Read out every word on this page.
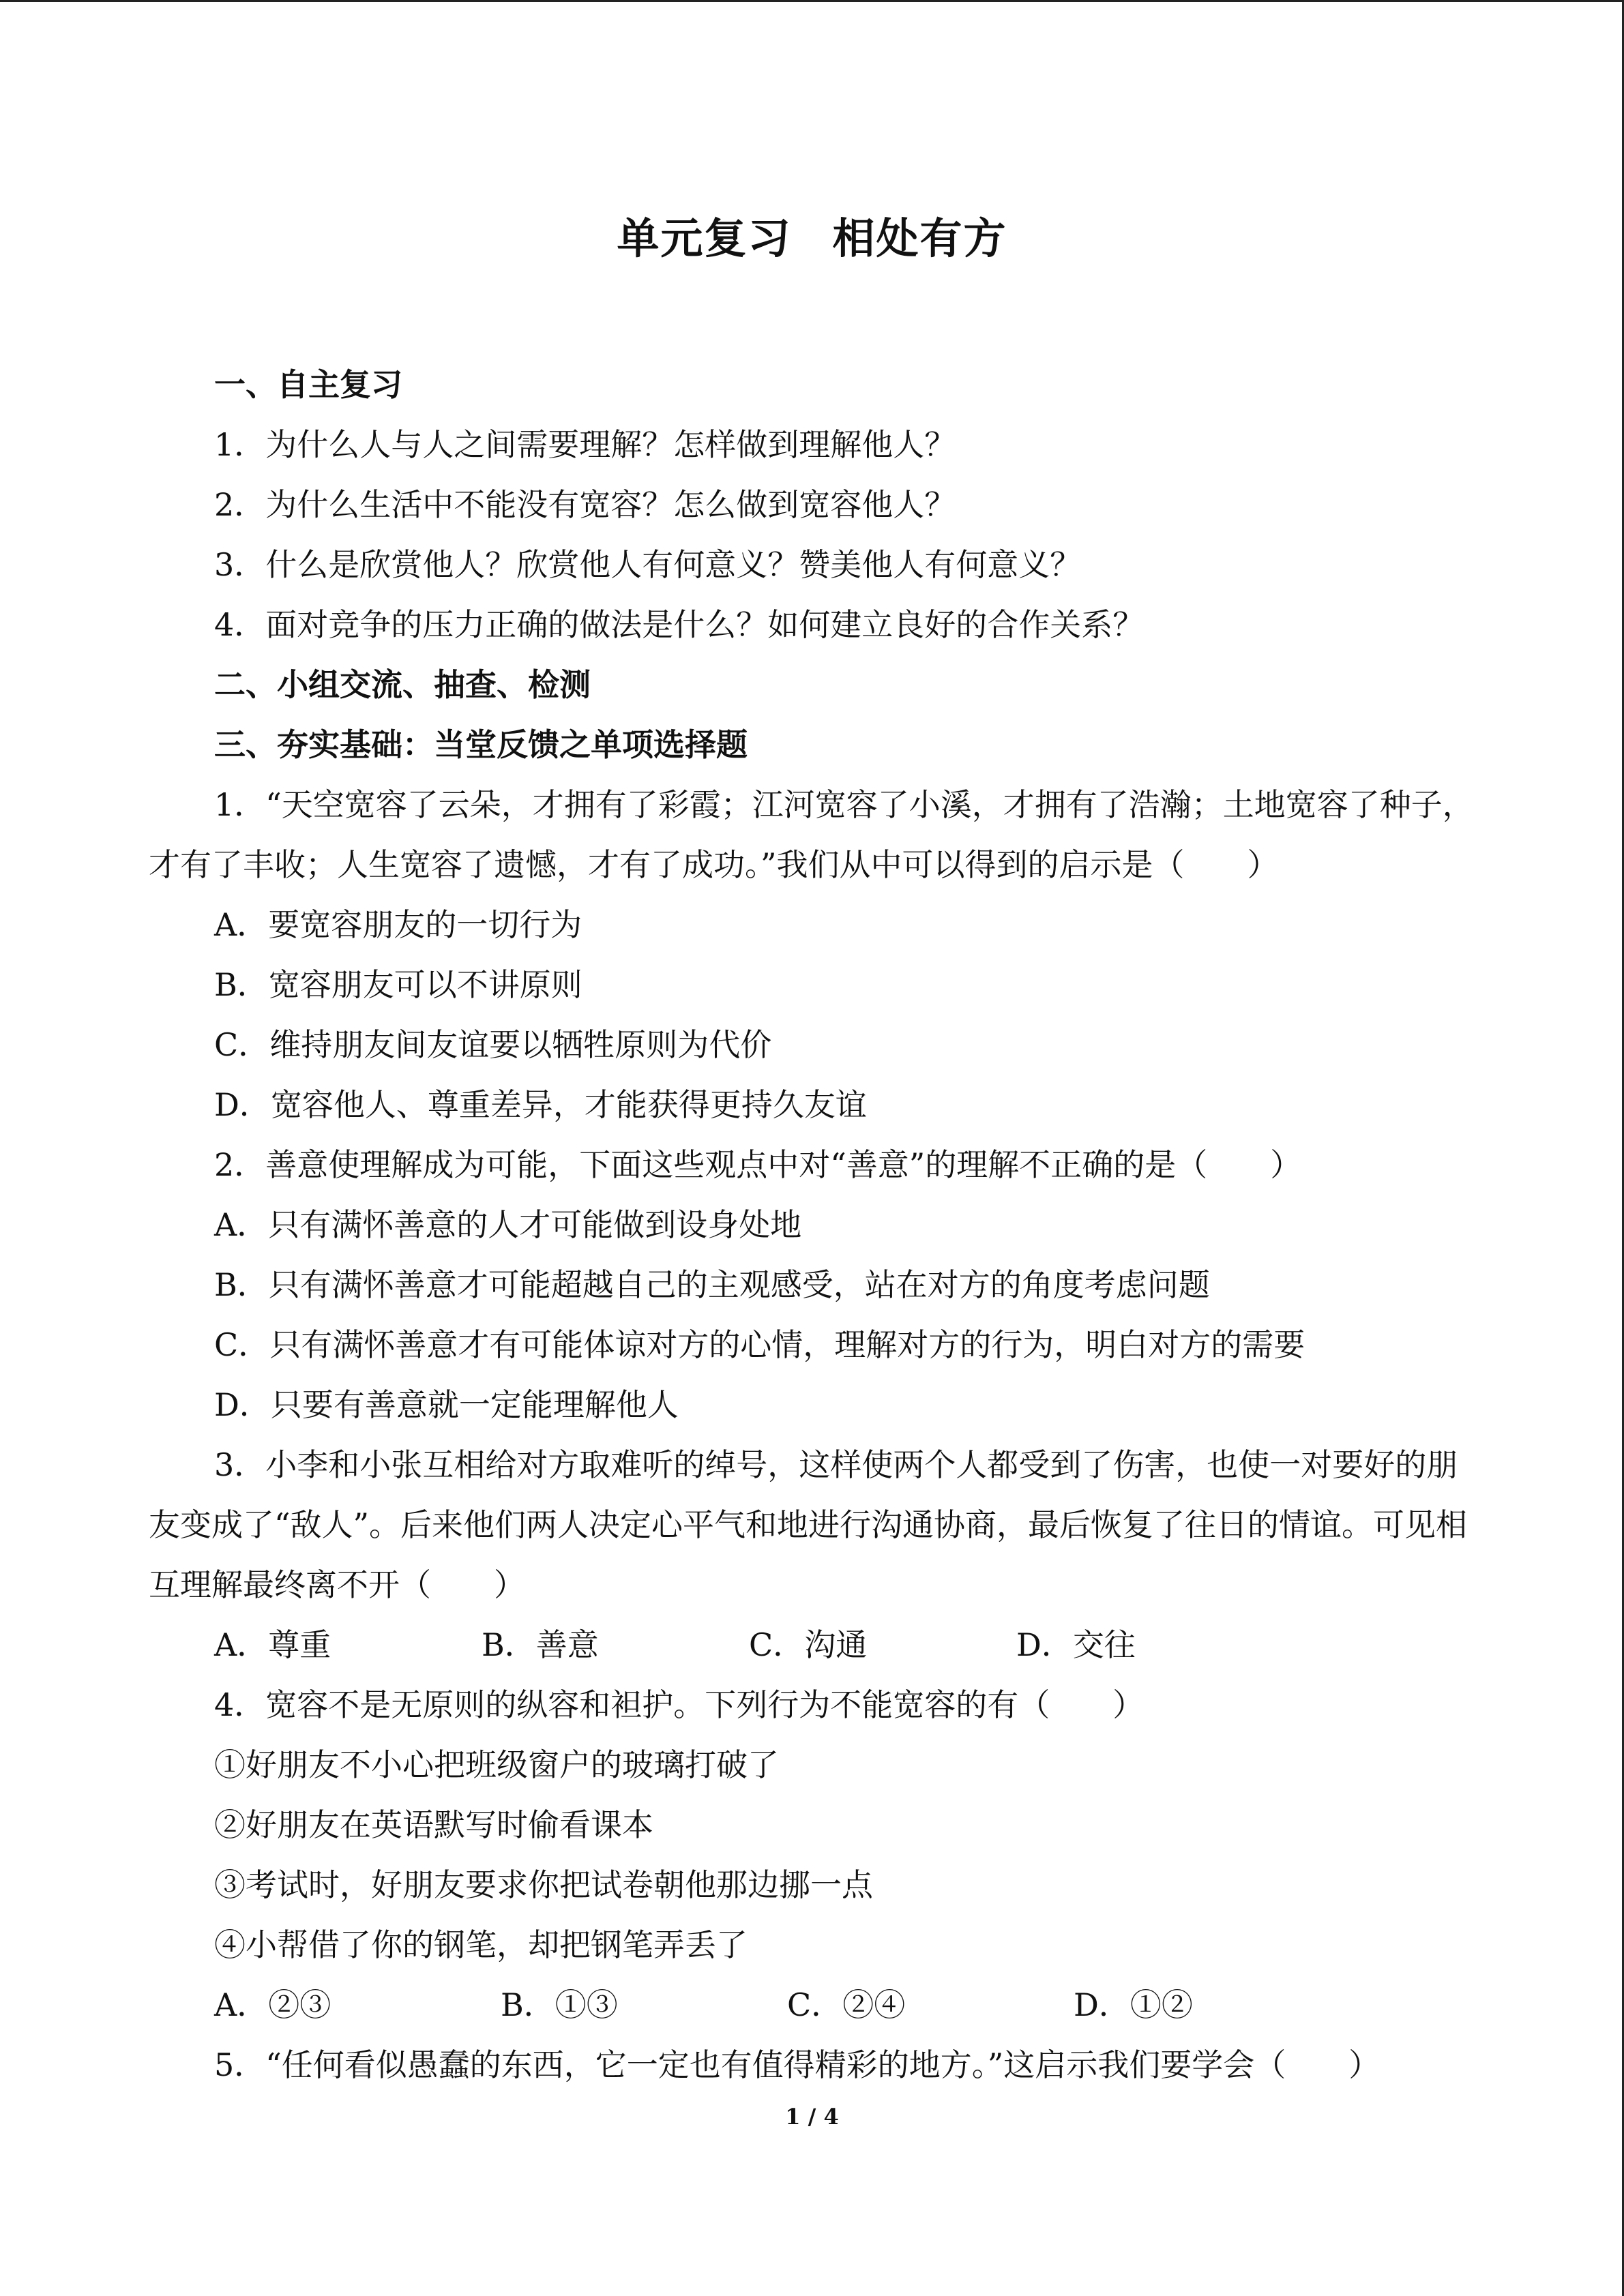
单元复习 相处有方

一、自主复习

1．为什么人与人之间需要理解？怎样做到理解他人？

2．为什么生活中不能没有宽容？怎么做到宽容他人？

3．什么是欣赏他人？欣赏他人有何意义？赞美他人有何意义？

4．面对竞争的压力正确的做法是什么？如何建立良好的合作关系？

二、小组交流、抽查、检测

三、夯实基础：当堂反馈之单项选择题

1．“天空宽容了云朵，才拥有了彩霞；江河宽容了小溪，才拥有了浩瀚；土地宽容了种子，才有了丰收；人生宽容了遗憾，才有了成功。”我们从中可以得到的启示是（　　）

A．要宽容朋友的一切行为

B．宽容朋友可以不讲原则

C．维持朋友间友谊要以牺牲原则为代价

D．宽容他人、尊重差异，才能获得更持久友谊

2．善意使理解成为可能，下面这些观点中对“善意”的理解不正确的是（　　）

A．只有满怀善意的人才可能做到设身处地

B．只有满怀善意才可能超越自己的主观感受，站在对方的角度考虑问题

C．只有满怀善意才有可能体谅对方的心情，理解对方的行为，明白对方的需要

D．只要有善意就一定能理解他人

3．小李和小张互相给对方取难听的绰号，这样使两个人都受到了伤害，也使一对要好的朋友变成了“敌人”。后来他们两人决定心平气和地进行沟通协商，最后恢复了往日的情谊。可见相互理解最终离不开（　　）

A．尊重	B．善意	C．沟通	D．交往

4．宽容不是无原则的纵容和袒护。下列行为不能宽容的有（　　）

①好朋友不小心把班级窗户的玻璃打破了

②好朋友在英语默写时偷看课本

③考试时，好朋友要求你把试卷朝他那边挪一点

④小帮借了你的钢笔，却把钢笔弄丢了

A．②③	B．①③	C．②④	D．①②

5．“任何看似愚蠢的东西，它一定也有值得精彩的地方。”这启示我们要学会（　　）

1 / 4
